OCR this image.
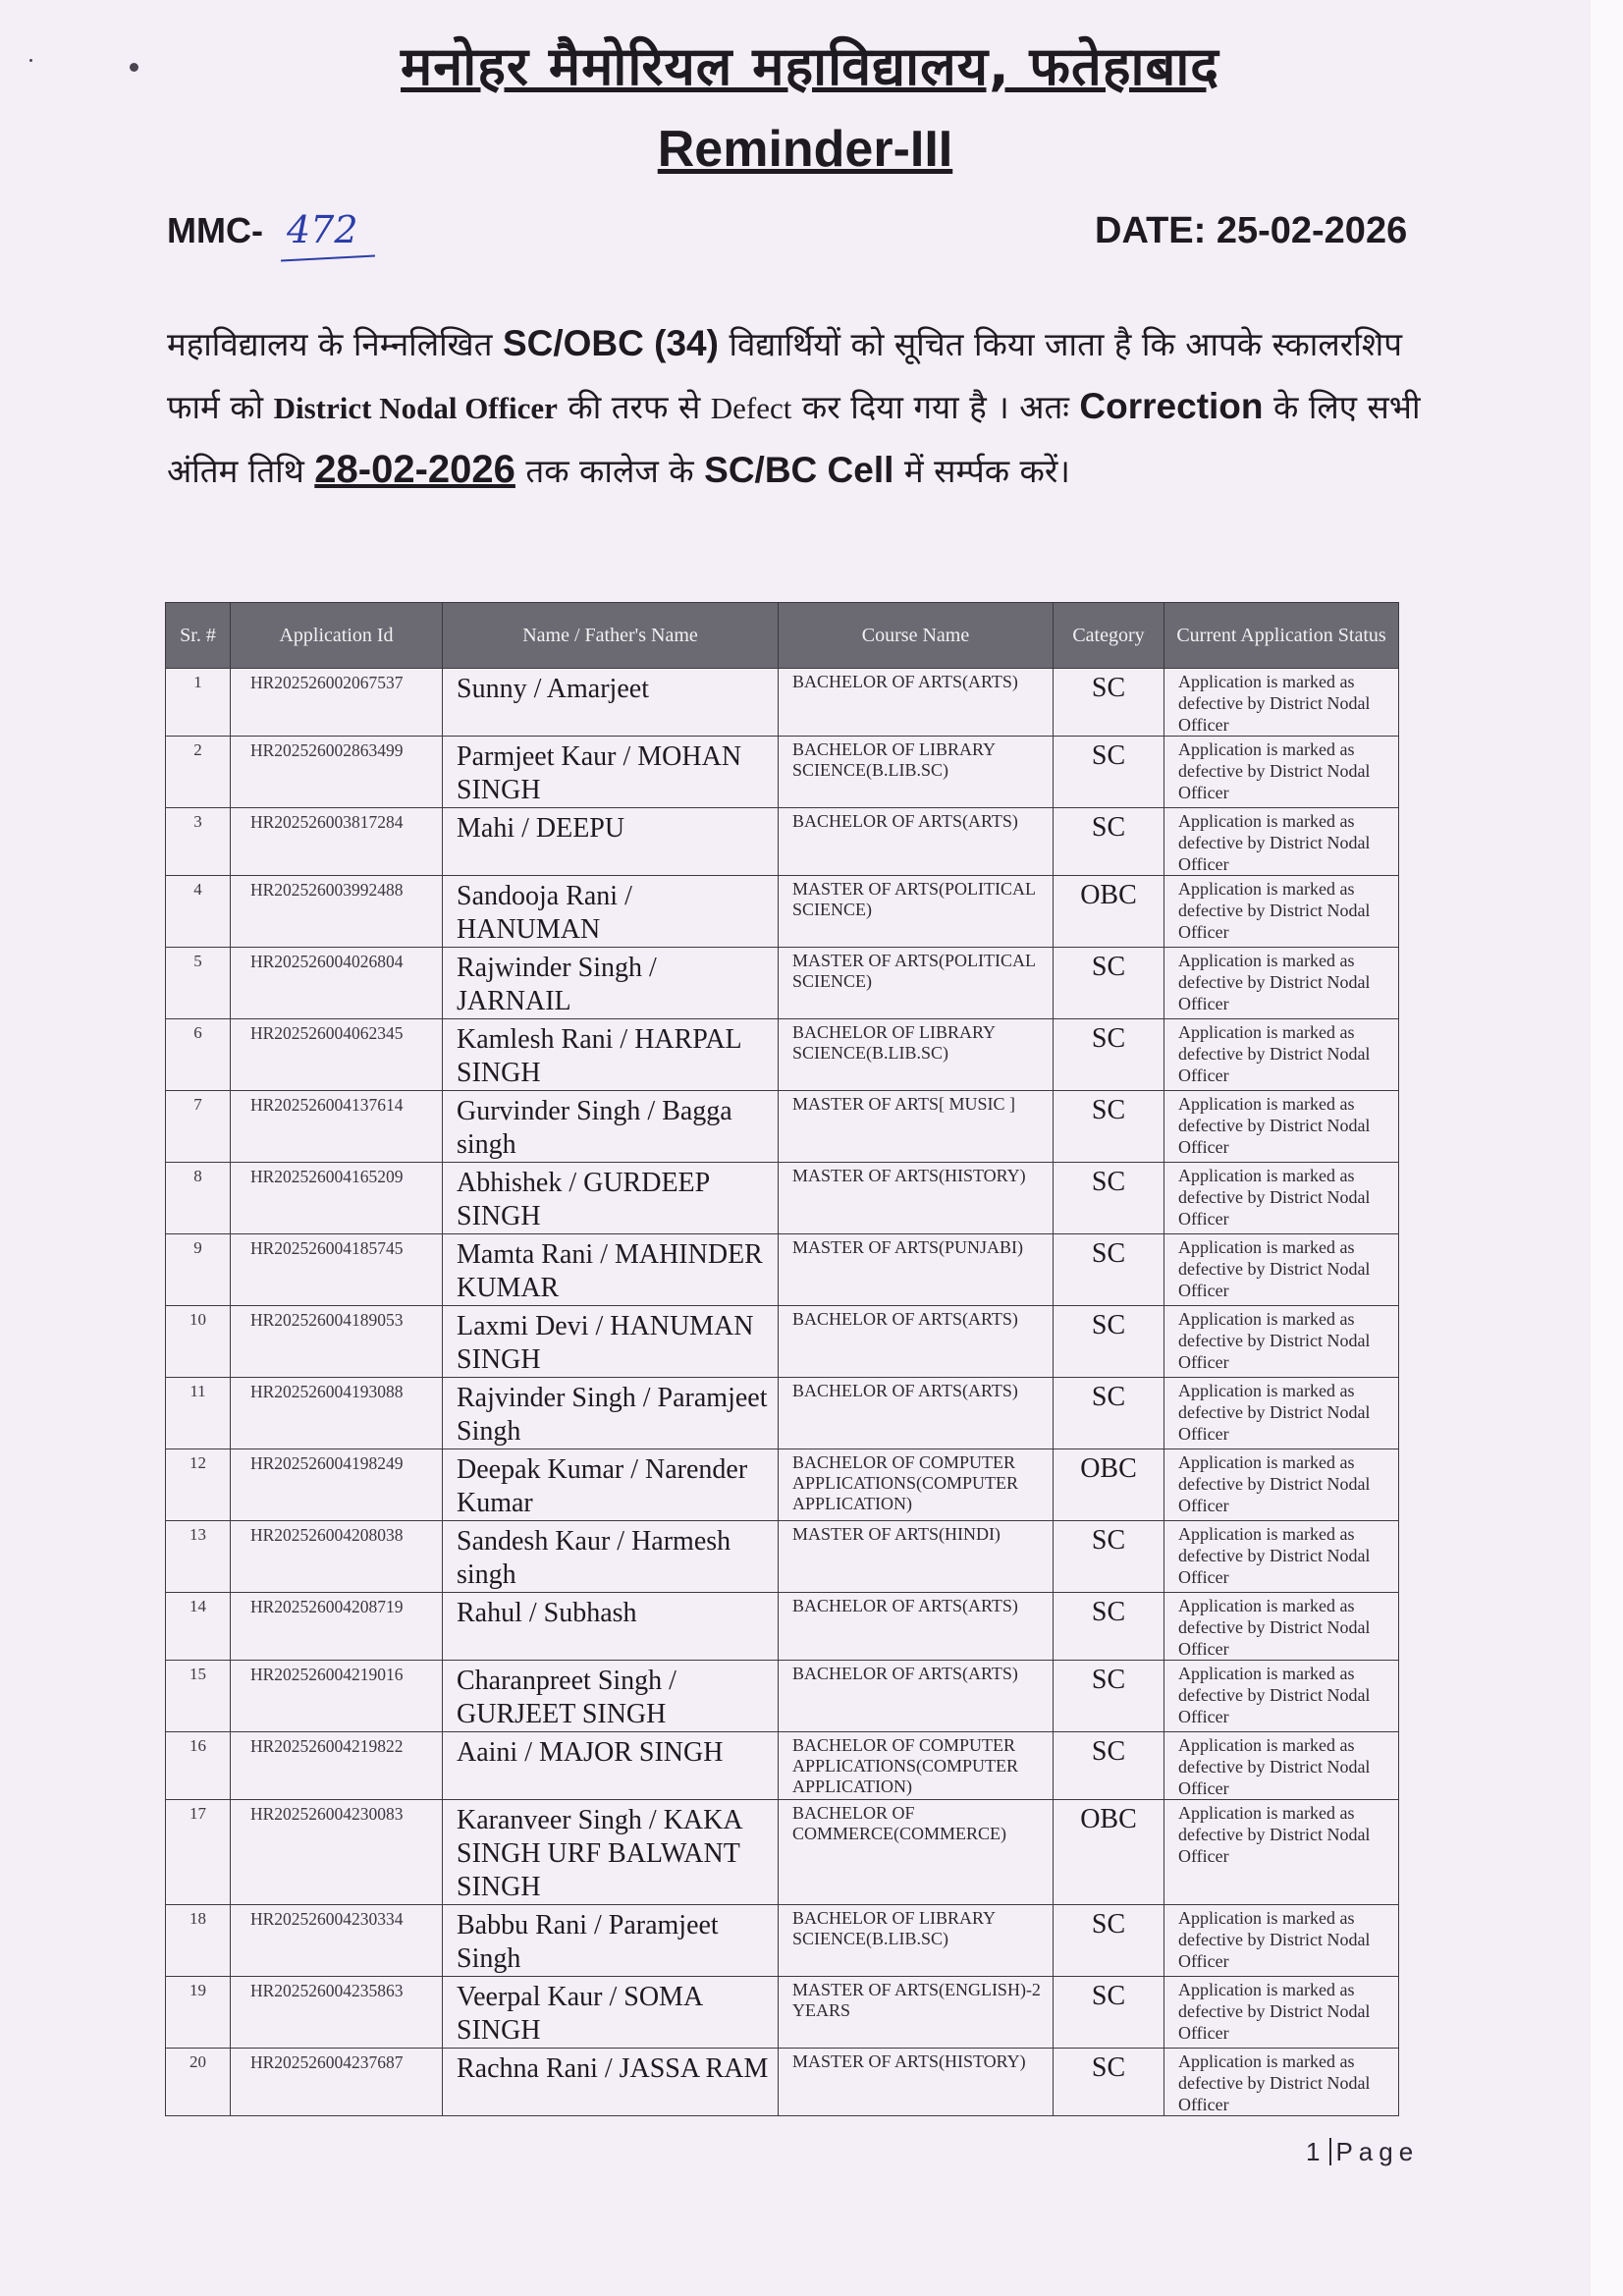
मनोहर मैमोरियल महाविद्यालय, फतेहाबाद
Reminder-III
MMC- 472	DATE: 25-02-2026
महाविद्यालय के निम्नलिखित SC/OBC (34) विद्यार्थियों को सूचित किया जाता है कि आपके स्कालरशिप फार्म को District Nodal Officer की तरफ से Defect कर दिया गया है । अतः Correction के लिए सभी अंतिम तिथि 28-02-2026 तक कालेज के SC/BC Cell में सर्म्पक करें।
Sr. #	Application Id	Name / Father's Name	Course Name	Category	Current Application Status
1	HR202526002067537	Sunny / Amarjeet	BACHELOR OF ARTS(ARTS)	SC	Application is marked as defective by District Nodal Officer
2	HR202526002863499	Parmjeet Kaur / MOHAN SINGH	BACHELOR OF LIBRARY SCIENCE(B.LIB.SC)	SC	Application is marked as defective by District Nodal Officer
3	HR202526003817284	Mahi / DEEPU	BACHELOR OF ARTS(ARTS)	SC	Application is marked as defective by District Nodal Officer
4	HR202526003992488	Sandooja Rani / HANUMAN	MASTER OF ARTS(POLITICAL SCIENCE)	OBC	Application is marked as defective by District Nodal Officer
5	HR202526004026804	Rajwinder Singh / JARNAIL	MASTER OF ARTS(POLITICAL SCIENCE)	SC	Application is marked as defective by District Nodal Officer
6	HR202526004062345	Kamlesh Rani / HARPAL SINGH	BACHELOR OF LIBRARY SCIENCE(B.LIB.SC)	SC	Application is marked as defective by District Nodal Officer
7	HR202526004137614	Gurvinder Singh / Bagga singh	MASTER OF ARTS[ MUSIC ]	SC	Application is marked as defective by District Nodal Officer
8	HR202526004165209	Abhishek / GURDEEP SINGH	MASTER OF ARTS(HISTORY)	SC	Application is marked as defective by District Nodal Officer
9	HR202526004185745	Mamta Rani / MAHINDER KUMAR	MASTER OF ARTS(PUNJABI)	SC	Application is marked as defective by District Nodal Officer
10	HR202526004189053	Laxmi Devi / HANUMAN SINGH	BACHELOR OF ARTS(ARTS)	SC	Application is marked as defective by District Nodal Officer
11	HR202526004193088	Rajvinder Singh / Paramjeet Singh	BACHELOR OF ARTS(ARTS)	SC	Application is marked as defective by District Nodal Officer
12	HR202526004198249	Deepak Kumar / Narender Kumar	BACHELOR OF COMPUTER APPLICATIONS(COMPUTER APPLICATION)	OBC	Application is marked as defective by District Nodal Officer
13	HR202526004208038	Sandesh Kaur / Harmesh singh	MASTER OF ARTS(HINDI)	SC	Application is marked as defective by District Nodal Officer
14	HR202526004208719	Rahul / Subhash	BACHELOR OF ARTS(ARTS)	SC	Application is marked as defective by District Nodal Officer
15	HR202526004219016	Charanpreet Singh / GURJEET SINGH	BACHELOR OF ARTS(ARTS)	SC	Application is marked as defective by District Nodal Officer
16	HR202526004219822	Aaini / MAJOR SINGH	BACHELOR OF COMPUTER APPLICATIONS(COMPUTER APPLICATION)	SC	Application is marked as defective by District Nodal Officer
17	HR202526004230083	Karanveer Singh / KAKA SINGH URF BALWANT SINGH	BACHELOR OF COMMERCE(COMMERCE)	OBC	Application is marked as defective by District Nodal Officer
18	HR202526004230334	Babbu Rani / Paramjeet Singh	BACHELOR OF LIBRARY SCIENCE(B.LIB.SC)	SC	Application is marked as defective by District Nodal Officer
19	HR202526004235863	Veerpal Kaur / SOMA SINGH	MASTER OF ARTS(ENGLISH)-2 YEARS	SC	Application is marked as defective by District Nodal Officer
20	HR202526004237687	Rachna Rani / JASSA RAM	MASTER OF ARTS(HISTORY)	SC	Application is marked as defective by District Nodal Officer
1 Page
